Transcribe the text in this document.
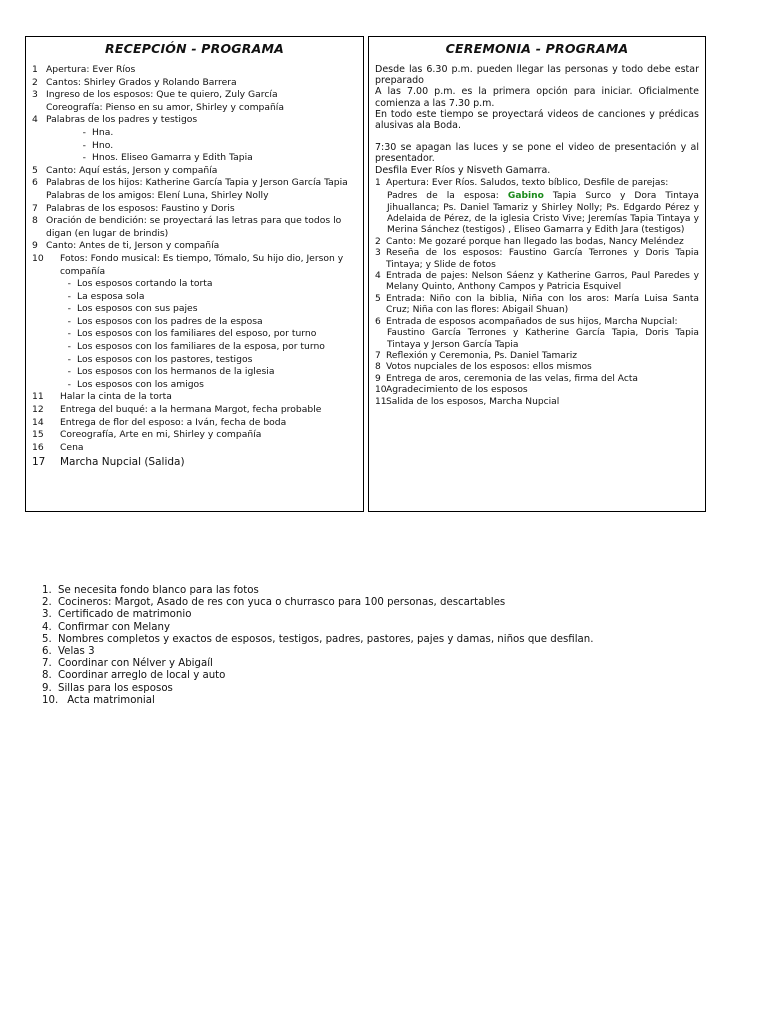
RECEPCIÓN - PROGRAMA
1 Apertura: Ever Ríos
2 Cantos: Shirley Grados y Rolando Barrera
3 Ingreso de los esposos: Que te quiero, Zuly García
Coreografía: Pienso en su amor, Shirley y compañía
4 Palabras de los padres y testigos
- Hna.
- Hno.
- Hnos. Eliseo Gamarra y Edith Tapia
5 Canto: Aquí estás, Jerson y compañía
6 Palabras de los hijos: Katherine García Tapia y Jerson García Tapia
Palabras de los amigos: Elení Luna, Shirley Nolly
7 Palabras de los esposos: Faustino y Doris
8 Oración de bendición: se proyectará las letras para que todos lo digan (en lugar de brindis)
9 Canto: Antes de ti, Jerson y compañía
10	Fotos: Fondo musical: Es tiempo, Tómalo, Su hijo dio, Jerson y compañía
- Los esposos cortando la torta
- La esposa sola
- Los esposos con sus pajes
- Los esposos con los padres de la esposa
- Los esposos con los familiares del esposo, por turno
- Los esposos con los familiares de la esposa, por turno
- Los esposos con los pastores, testigos
- Los esposos con los hermanos de la iglesia
- Los esposos con los amigos
11	Halar la cinta de la torta
12	Entrega del buqué: a la hermana Margot, fecha probable
14	Entrega de flor del esposo: a Iván, fecha de boda
15	Coreografía, Arte en mi, Shirley y compañía
16	Cena
17	Marcha Nupcial (Salida)
CEREMONIA - PROGRAMA

Desde las 6.30 p.m. pueden llegar las personas y todo debe estar preparado

A las 7.00 p.m. es la primera opción para iniciar. Oficialmente comienza a las 7.30 p.m.

En todo este tiempo se proyectará videos de canciones y prédicas alusivas ala Boda.

7:30 se apagan las luces y se pone el video de presentación y al presentador.

Desfila Ever Ríos y Nisveth Gamarra.

1 Apertura: Ever Ríos. Saludos, texto bíblico, Desfile de parejas:
Padres de la esposa: Gabino Tapia Surco y Dora Tintaya Jihuallanca; Ps. Daniel Tamariz y Shirley Nolly; Ps. Edgardo Pérez y Adelaida de Pérez, de la iglesia Cristo Vive; Jeremías Tapia Tintaya y Merina Sánchez (testigos) , Eliseo Gamarra y Edith Jara (testigos)
2 Canto: Me gozaré porque han llegado las bodas, Nancy Meléndez
3 Reseña de los esposos: Faustino García Terrones y Doris Tapia Tintaya; y Slide de fotos
4 Entrada de pajes: Nelson Sáenz y Katherine Garros, Paul Paredes y Melany Quinto, Anthony Campos y Patricia Esquivel
5 Entrada: Niño con la biblia, Niña con los aros: María Luisa Santa Cruz; Niña con las flores: Abigail Shuan)
6 Entrada de esposos acompañados de sus hijos, Marcha Nupcial:
Faustino García Terrones y Katherine García Tapia, Doris Tapia Tintaya y Jerson García Tapia
7 Reflexión y Ceremonia, Ps. Daniel Tamariz
8 Votos nupciales de los esposos: ellos mismos
9 Entrega de aros, ceremonia de las velas, firma del Acta
10 Agradecimiento de los esposos
11 Salida de los esposos, Marcha Nupcial
1. Se necesita fondo blanco para las fotos
2. Cocineros: Margot, Asado de res con yuca o churrasco para 100 personas, descartables
3. Certificado de matrimonio
4. Confirmar con Melany
5. Nombres completos y exactos de esposos, testigos, padres, pastores, pajes y damas, niños que desfilan.
6. Velas 3
7. Coordinar con Nélver y Abigaíl
8. Coordinar arreglo de local y auto
9. Sillas para los esposos
10. Acta matrimonial
